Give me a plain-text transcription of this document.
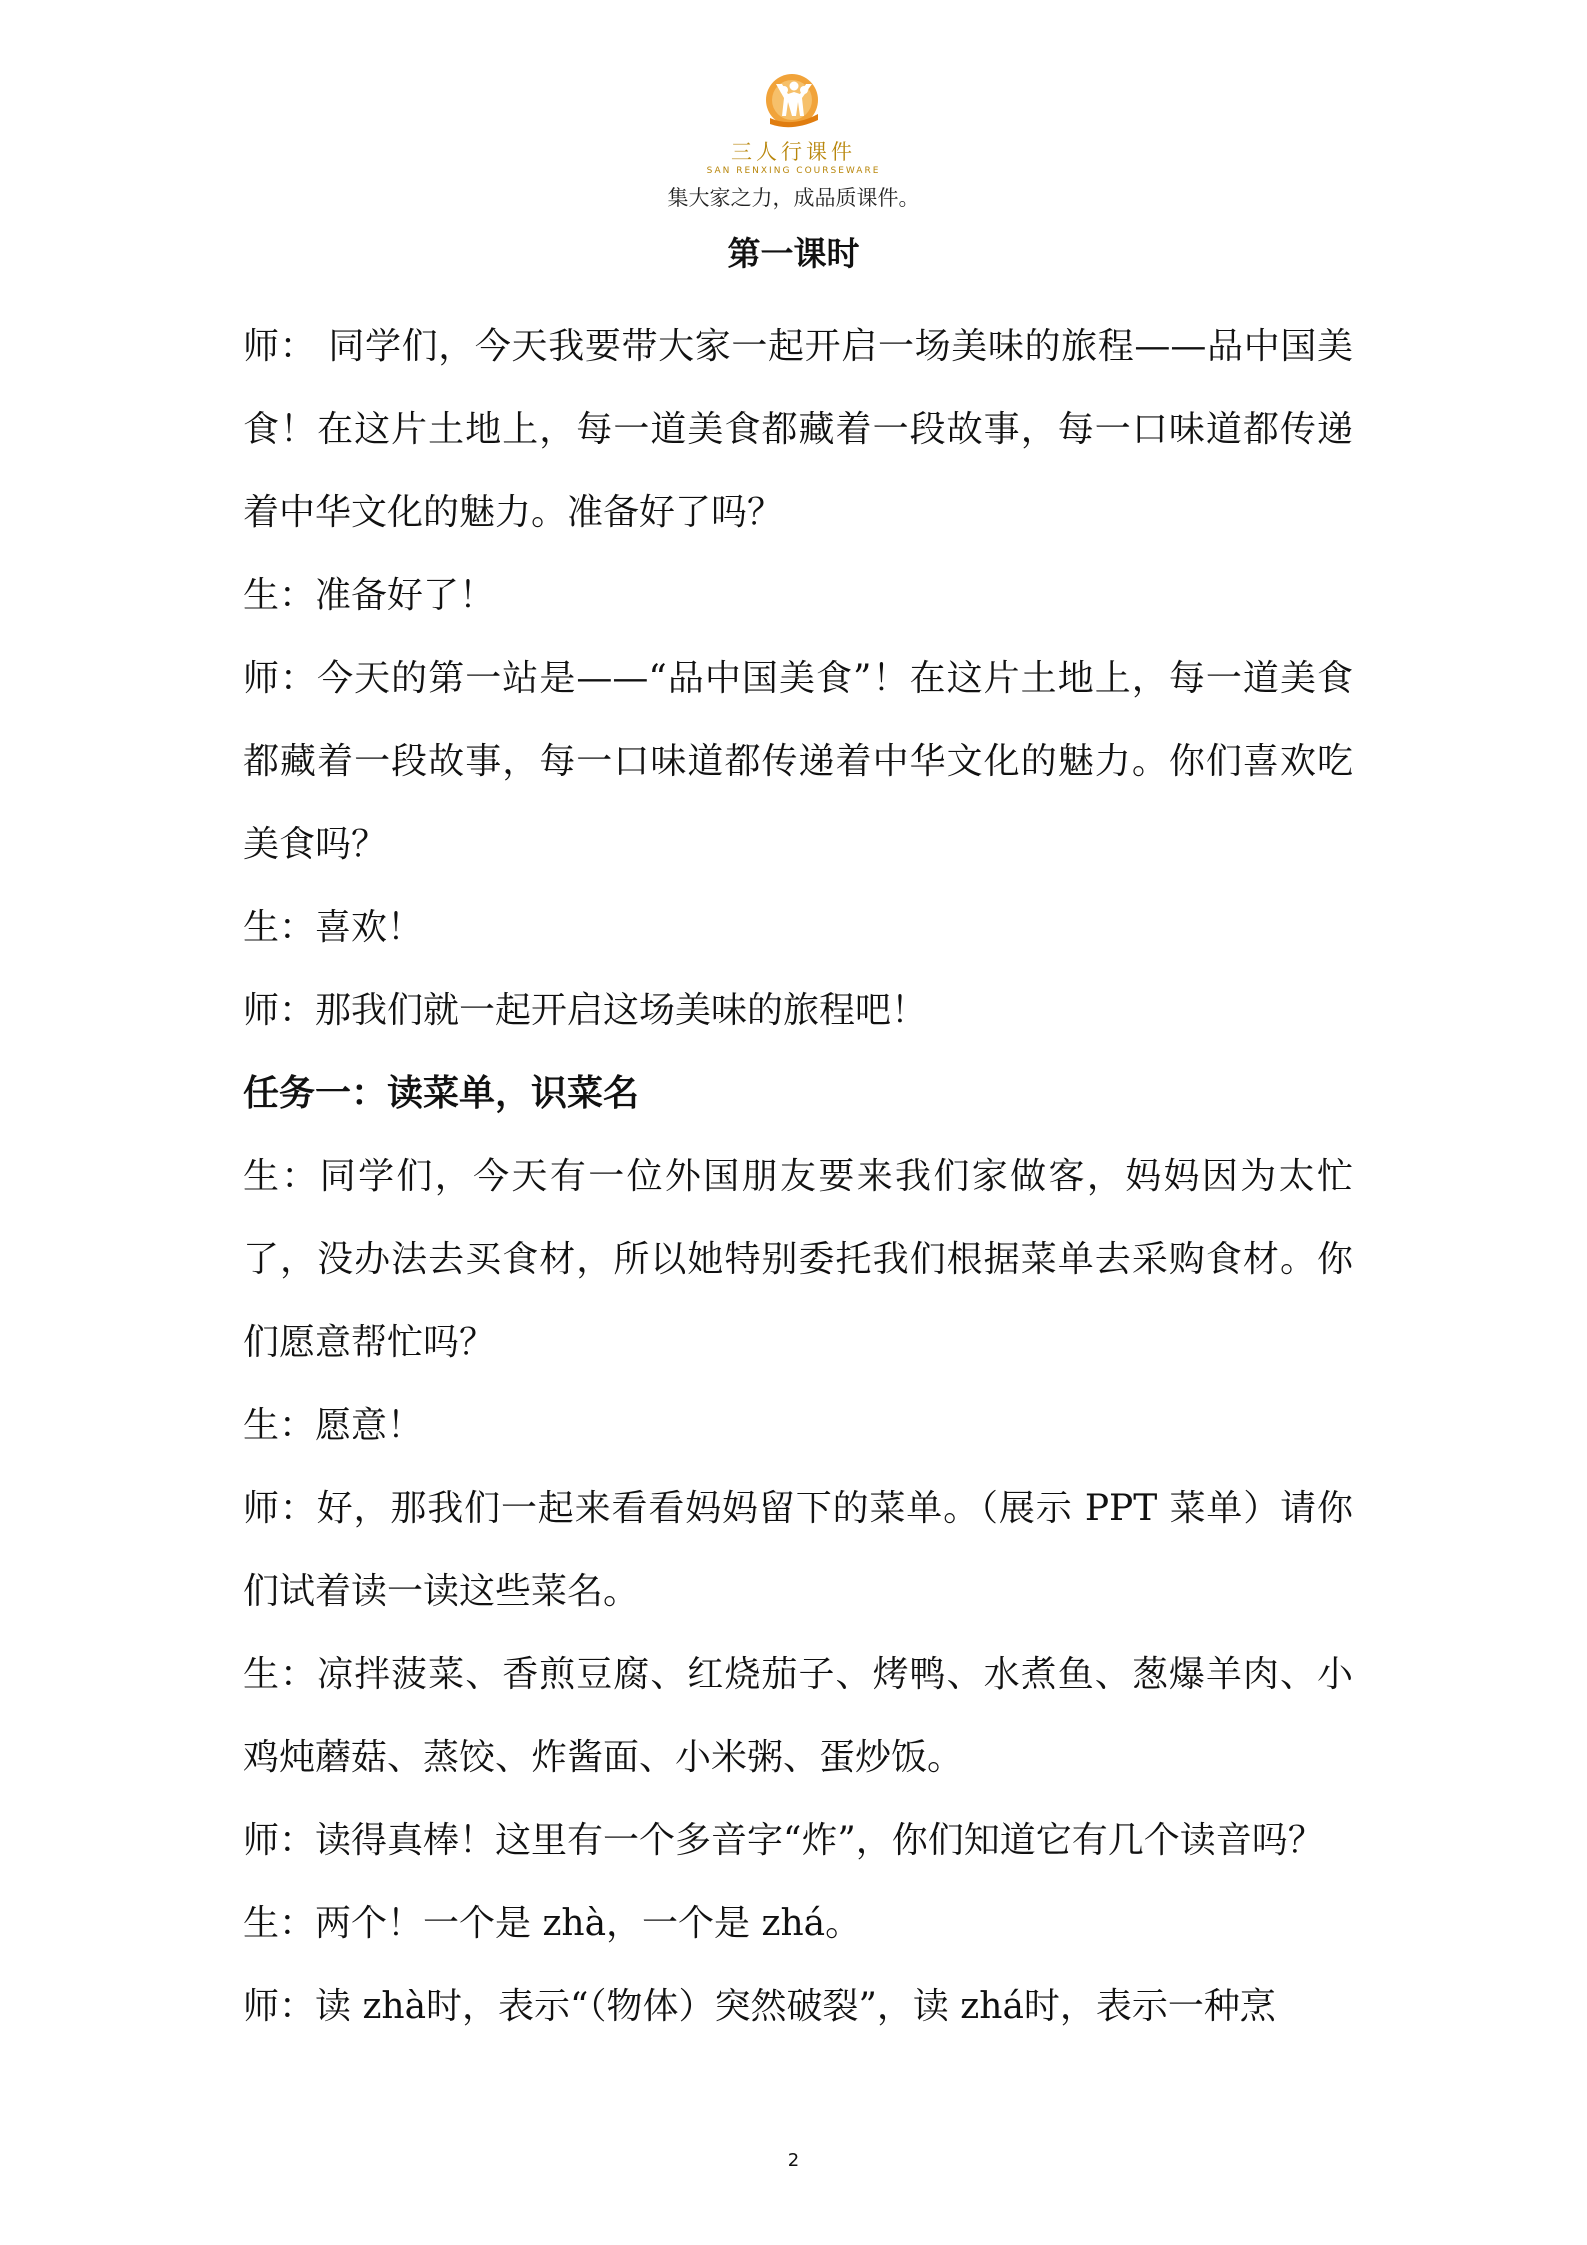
三人行课件
SAN RENXING COURSEWARE
集大家之力，成品质课件。
第一课时

师： 同学们，今天我要带大家一起开启一场美味的旅程——品中国美食！在这片土地上，每一道美食都藏着一段故事，每一口味道都传递着中华文化的魅力。准备好了吗？

生：准备好了！

师：今天的第一站是——“品中国美食”！在这片土地上，每一道美食都藏着一段故事，每一口味道都传递着中华文化的魅力。你们喜欢吃美食吗？

生：喜欢！

师：那我们就一起开启这场美味的旅程吧！

任务一：读菜单，识菜名

生：同学们，今天有一位外国朋友要来我们家做客，妈妈因为太忙了，没办法去买食材，所以她特别委托我们根据菜单去采购食材。你们愿意帮忙吗？

生：愿意！

师：好，那我们一起来看看妈妈留下的菜单。（展示 PPT 菜单）请你们试着读一读这些菜名。

生：凉拌菠菜、香煎豆腐、红烧茄子、烤鸭、水煮鱼、葱爆羊肉、小鸡炖蘑菇、蒸饺、炸酱面、小米粥、蛋炒饭。

师：读得真棒！这里有一个多音字“炸”，你们知道它有几个读音吗？

生：两个！一个是 zhà，一个是 zhá。

师：读 zhà时，表示“（物体）突然破裂”，读 zhá时，表示一种烹

2
